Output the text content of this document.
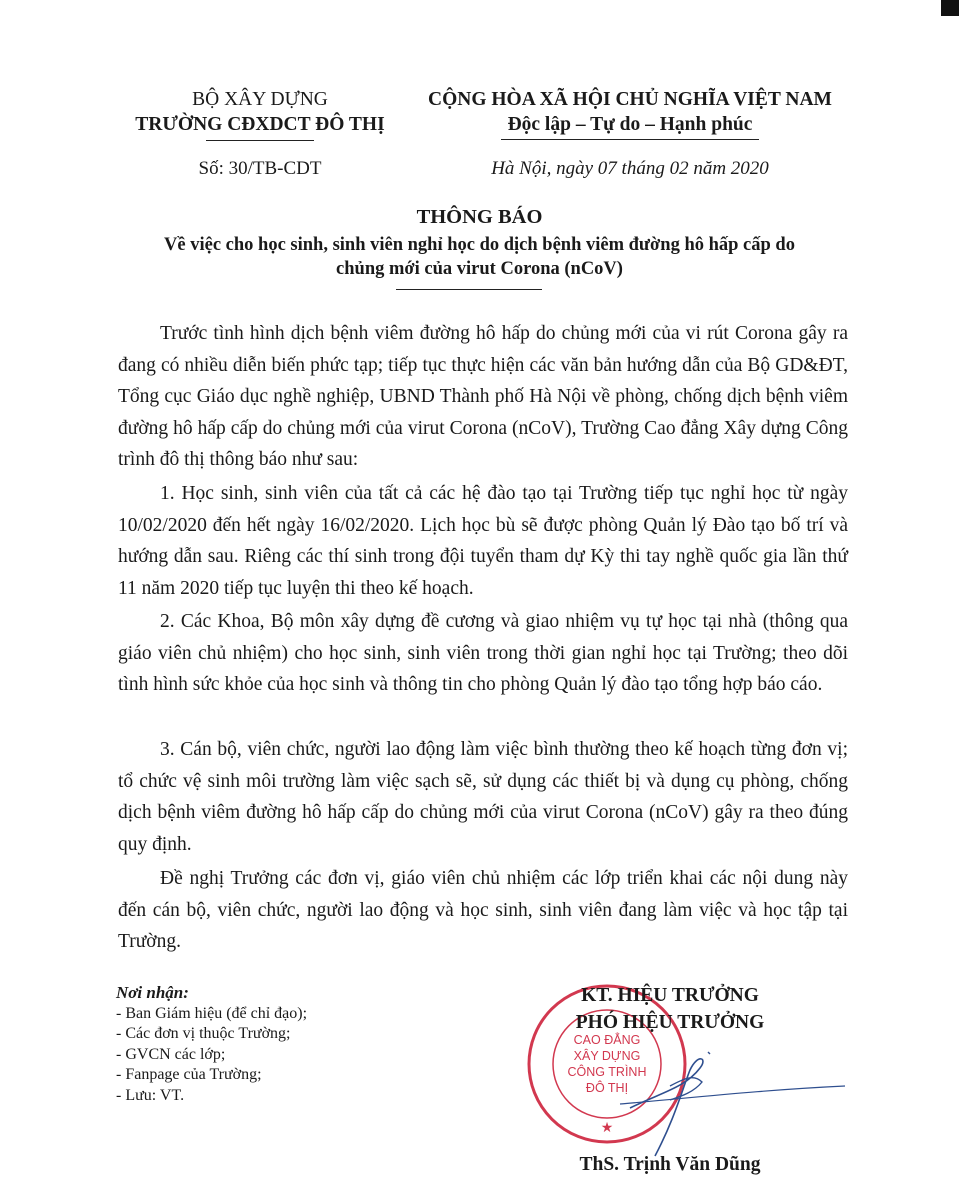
BỘ XÂY DỰNG
TRƯỜNG CĐXDCT ĐÔ THỊ
Số: 30/TB-CDT
CỘNG HÒA XÃ HỘI CHỦ NGHĨA VIỆT NAM
Độc lập – Tự do – Hạnh phúc
Hà Nội, ngày 07 tháng 02 năm 2020
THÔNG BÁO
Về việc cho học sinh, sinh viên nghỉ học do dịch bệnh viêm đường hô hấp cấp do
chủng mới của virut Corona (nCoV)
Trước tình hình dịch bệnh viêm đường hô hấp do chủng mới của vi rút Corona gây ra đang có nhiều diễn biến phức tạp; tiếp tục thực hiện các văn bản hướng dẫn của Bộ GD&ĐT, Tổng cục Giáo dục nghề nghiệp, UBND Thành phố Hà Nội về phòng, chống dịch bệnh viêm đường hô hấp cấp do chủng mới của virut Corona (nCoV), Trường Cao đẳng Xây dựng Công trình đô thị thông báo như sau:
1. Học sinh, sinh viên của tất cả các hệ đào tạo tại Trường tiếp tục nghỉ học từ ngày 10/02/2020 đến hết ngày 16/02/2020. Lịch học bù sẽ được phòng Quản lý Đào tạo bố trí và hướng dẫn sau. Riêng các thí sinh trong đội tuyển tham dự Kỳ thi tay nghề quốc gia lần thứ 11 năm 2020 tiếp tục luyện thi theo kế hoạch.
2. Các Khoa, Bộ môn xây dựng đề cương và giao nhiệm vụ tự học tại nhà (thông qua giáo viên chủ nhiệm) cho học sinh, sinh viên trong thời gian nghỉ học tại Trường; theo dõi tình hình sức khỏe của học sinh và thông tin cho phòng Quản lý đào tạo tổng hợp báo cáo.
3. Cán bộ, viên chức, người lao động làm việc bình thường theo kế hoạch từng đơn vị; tổ chức vệ sinh môi trường làm việc sạch sẽ, sử dụng các thiết bị và dụng cụ phòng, chống dịch bệnh viêm đường hô hấp cấp do chủng mới của virut Corona (nCoV) gây ra theo đúng quy định.
Đề nghị Trưởng các đơn vị, giáo viên chủ nhiệm các lớp triển khai các nội dung này đến cán bộ, viên chức, người lao động và học sinh, sinh viên đang làm việc và học tập tại Trường.
Nơi nhận:
- Ban Giám hiệu (để chỉ đạo);
- Các đơn vị thuộc Trường;
- GVCN các lớp;
- Fanpage của Trường;
- Lưu: VT.
CAO ĐẲNG
XÂY DỰNG
CÔNG TRÌNH
ĐÔ THỊ
★
KT. HIỆU TRƯỞNG
PHÓ HIỆU TRƯỞNG
ThS. Trịnh Văn Dũng
